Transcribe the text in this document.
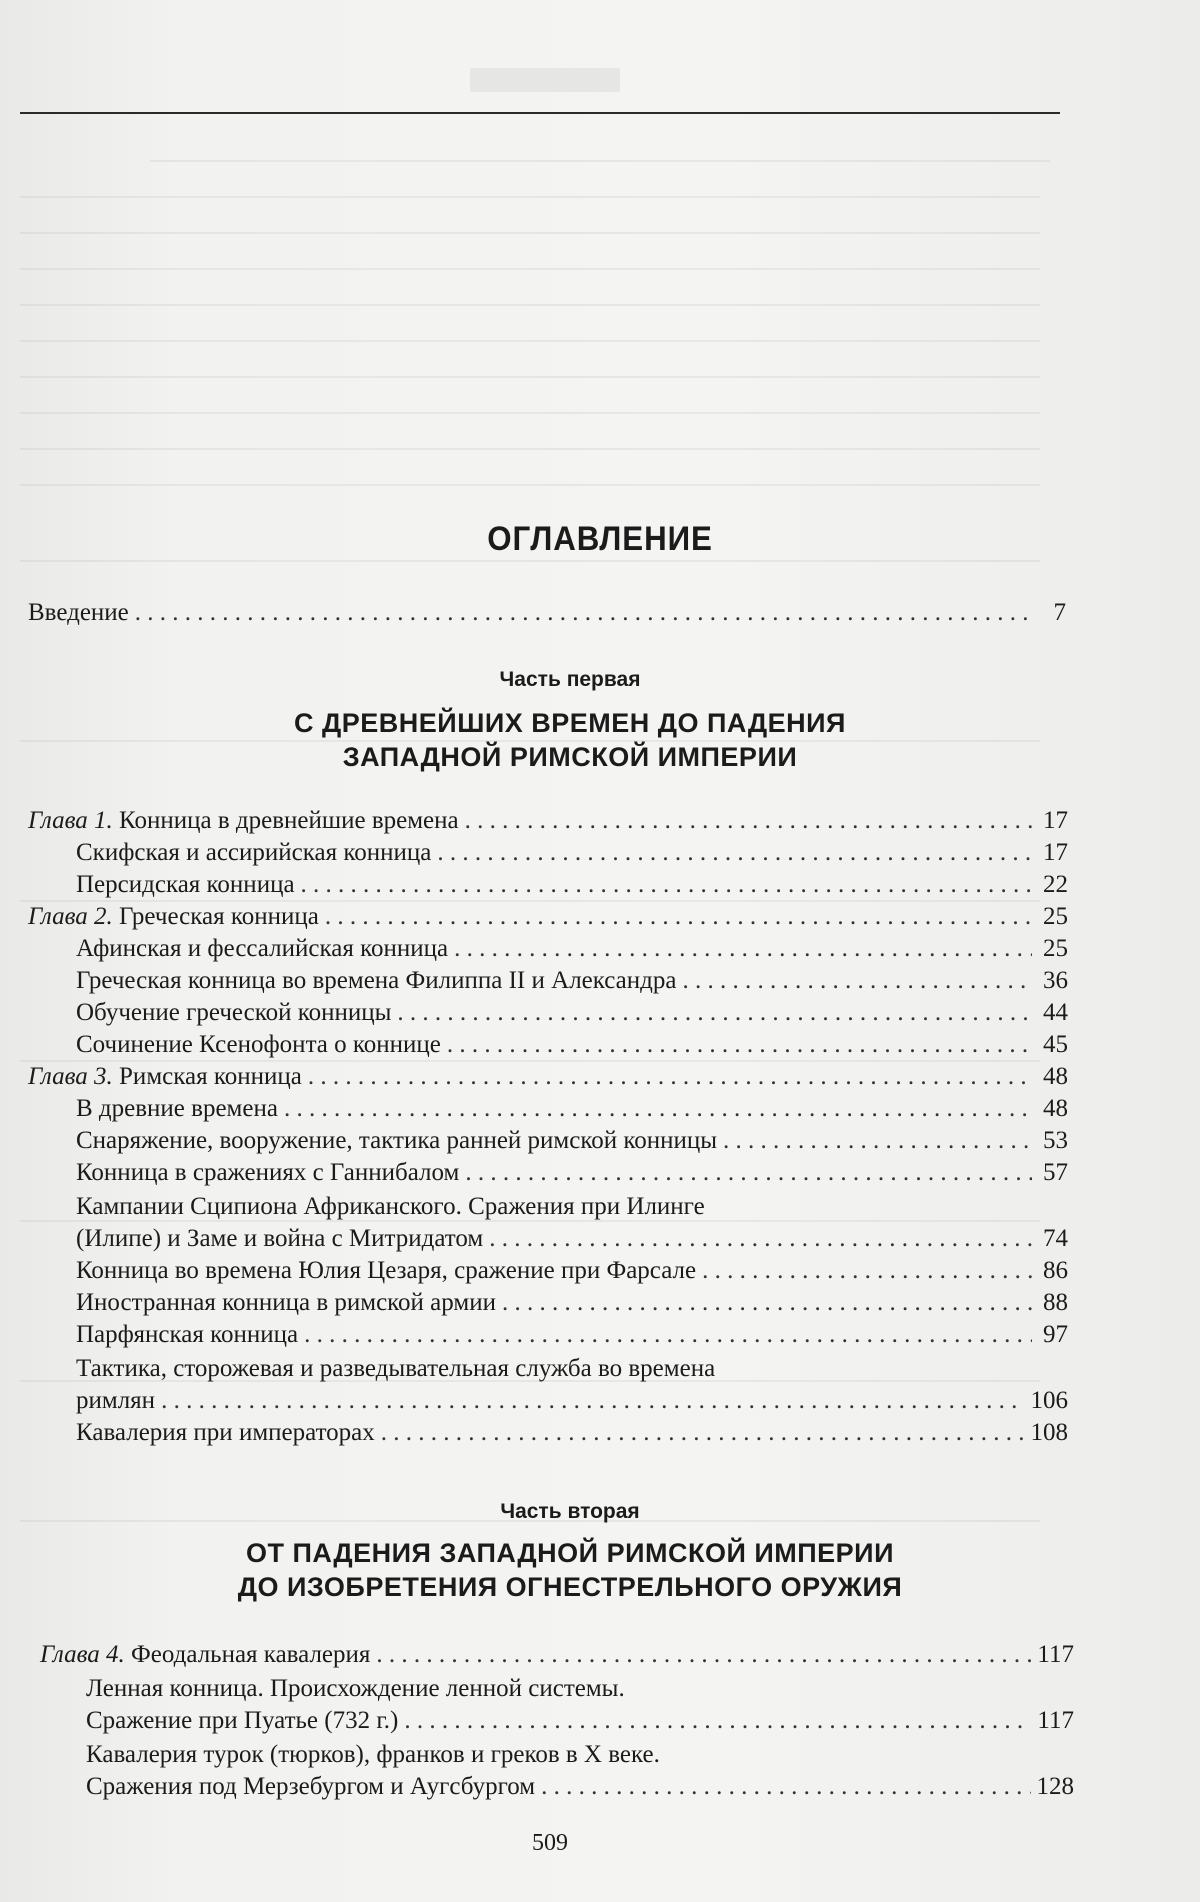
ОГЛАВЛЕНИЕ
Введение . . .	7
Часть первая
С ДРЕВНЕЙШИХ ВРЕМЕН ДО ПАДЕНИЯ
ЗАПАДНОЙ РИМСКОЙ ИМПЕРИИ
Глава 1. Конница в древнейшие времена . . .	17
Скифская и ассирийская конница . . .	17
Персидская конница . . .	22
Глава 2. Греческая конница . . .	25
Афинская и фессалийская конница . . .	25
Греческая конница во времена Филиппа II и Александра . . .	36
Обучение греческой конницы . . .	44
Сочинение Ксенофонта о коннице . . .	45
Глава 3. Римская конница . . .	48
В древние времена . . .	48
Снаряжение, вооружение, тактика ранней римской конницы . . .	53
Конница в сражениях с Ганнибалом . . .	57
Кампании Сципиона Африканского. Сражения при Илинге
(Илипе) и Заме и война с Митридатом . . .	74
Конница во времена Юлия Цезаря, сражение при Фарсале . . .	86
Иностранная конница в римской армии . . .	88
Парфянская конница . . .	97
Тактика, сторожевая и разведывательная служба во времена
римлян . . .	106
Кавалерия при императорах . . .	108
Часть вторая
ОТ ПАДЕНИЯ ЗАПАДНОЙ РИМСКОЙ ИМПЕРИИ
ДО ИЗОБРЕТЕНИЯ ОГНЕСТРЕЛЬНОГО ОРУЖИЯ
Глава 4. Феодальная кавалерия . . .	117
Ленная конница. Происхождение ленной системы.
Сражение при Пуатье (732 г.) . . .	117
Кавалерия турок (тюрков), франков и греков в X веке.
Сражения под Мерзебургом и Аугсбургом . . .	128
509
